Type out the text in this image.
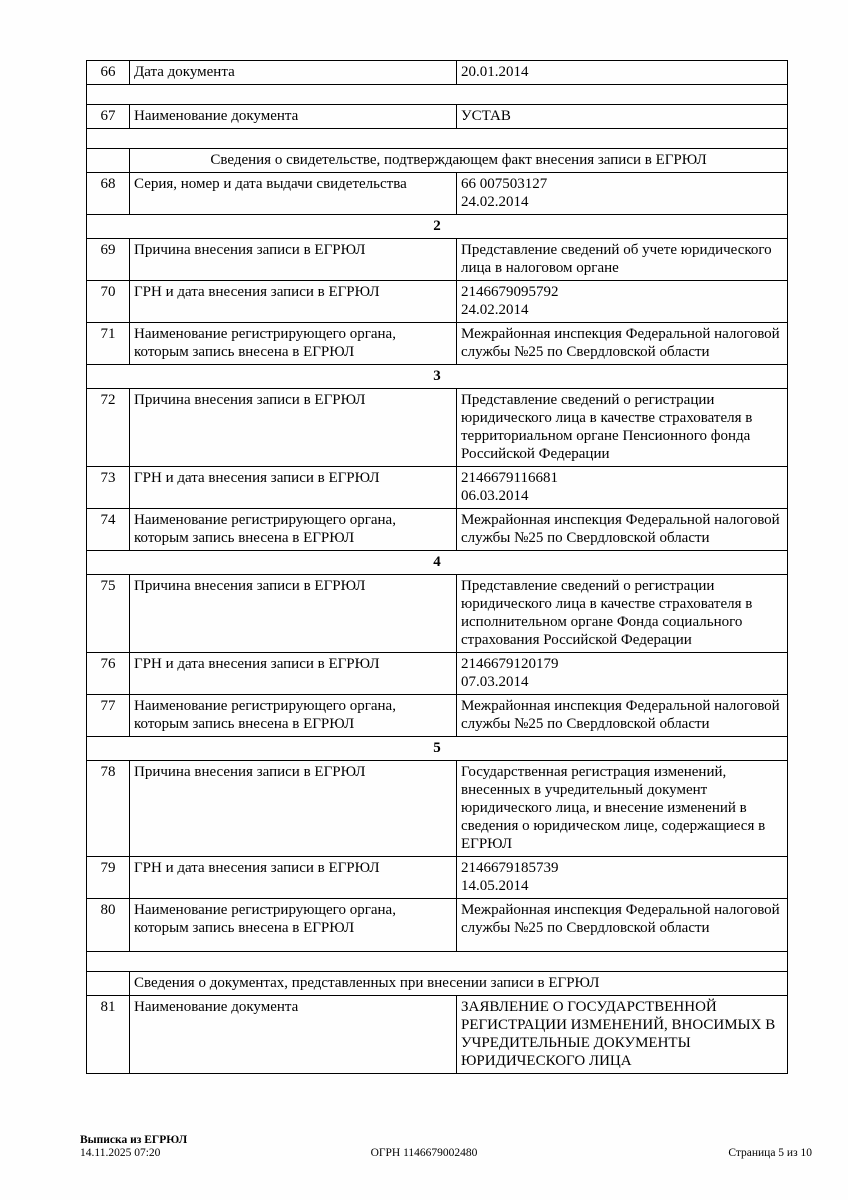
66	Дата документа	20.01.2014

67	Наименование документа	УСТАВ

	Сведения о свидетельстве, подтверждающем факт внесения записи в ЕГРЮЛ	
68	Серия, номер и дата выдачи свидетельства	66 007503127
24.02.2014

2		
69	Причина внесения записи в ЕГРЮЛ	Представление сведений об учете юридического лица в налоговом органе

70	ГРН и дата внесения записи в ЕГРЮЛ	2146679095792
24.02.2014

71	Наименование регистрирующего органа, которым запись внесена в ЕГРЮЛ	Межрайонная инспекция Федеральной налоговой службы №25 по Свердловской области

3		
72	Причина внесения записи в ЕГРЮЛ	Представление сведений о регистрации юридического лица в качестве страхователя в территориальном органе Пенсионного фонда Российской Федерации

73	ГРН и дата внесения записи в ЕГРЮЛ	2146679116681
06.03.2014

74	Наименование регистрирующего органа, которым запись внесена в ЕГРЮЛ	Межрайонная инспекция Федеральной налоговой службы №25 по Свердловской области

4		
75	Причина внесения записи в ЕГРЮЛ	Представление сведений о регистрации юридического лица в качестве страхователя в исполнительном органе Фонда социального страхования Российской Федерации

76	ГРН и дата внесения записи в ЕГРЮЛ	2146679120179
07.03.2014

77	Наименование регистрирующего органа, которым запись внесена в ЕГРЮЛ	Межрайонная инспекция Федеральной налоговой службы №25 по Свердловской области

5		
78	Причина внесения записи в ЕГРЮЛ	Государственная регистрация изменений, внесенных в учредительный документ юридического лица, и внесение изменений в сведения о юридическом лице, содержащиеся в ЕГРЮЛ

79	ГРН и дата внесения записи в ЕГРЮЛ	2146679185739
14.05.2014

80	Наименование регистрирующего органа, которым запись внесена в ЕГРЮЛ	Межрайонная инспекция Федеральной налоговой службы №25 по Свердловской области

	Сведения о документах, представленных при внесении записи в ЕГРЮЛ	
81	Наименование документа	ЗАЯВЛЕНИЕ О ГОСУДАРСТВЕННОЙ РЕГИСТРАЦИИ ИЗМЕНЕНИЙ, ВНОСИМЫХ В УЧРЕДИТЕЛЬНЫЕ ДОКУМЕНТЫ ЮРИДИЧЕСКОГО ЛИЦА
Выписка из ЕГРЮЛ
14.11.2025 07:20	ОГРН 1146679002480	Страница 5 из 10
